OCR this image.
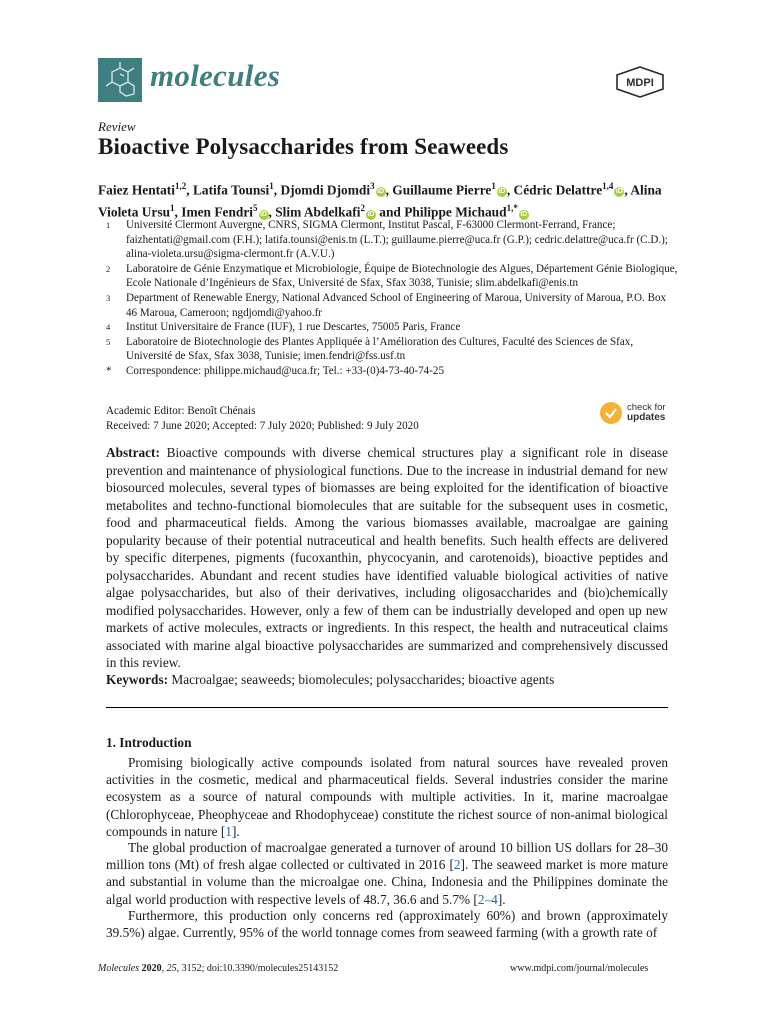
molecules	MDPI
Review
Bioactive Polysaccharides from Seaweeds
Faiez Hentati$^{1,2}$, Latifa Tounsi$^1$, Djomdi Djomdi$^3$iD , Guillaume Pierre$^1$iD , Cédric Delattre$^{1,4}$iD , Alina Violeta Ursu$^1$, Imen Fendri$^5$iD , Slim Abdelkafi$^2$iD and Philippe Michaud$^{1,*}$iD
1	Université Clermont Auvergne, CNRS, SIGMA Clermont, Institut Pascal, F-63000 Clermont-Ferrand, France; faizhentati@gmail.com (F.H.); latifa.tounsi@enis.tn (L.T.); guillaume.pierre@uca.fr (G.P.); cedric.delattre@uca.fr (C.D.); alina-violeta.ursu@sigma-clermont.fr (A.V.U.)
2	Laboratoire de Génie Enzymatique et Microbiologie, Équipe de Biotechnologie des Algues, Département Génie Biologique, Ecole Nationale d’Ingénieurs de Sfax, Université de Sfax, Sfax 3038, Tunisie; slim.abdelkafi@enis.tn
3	Department of Renewable Energy, National Advanced School of Engineering of Maroua, University of Maroua, P.O. Box 46 Maroua, Cameroon; ngdjomdi@yahoo.fr
4	Institut Universitaire de France (IUF), 1 rue Descartes, 75005 Paris, France
5	Laboratoire de Biotechnologie des Plantes Appliquée à l’Amélioration des Cultures, Faculté des Sciences de Sfax, Université de Sfax, Sfax 3038, Tunisie; imen.fendri@fss.usf.tn
*	Correspondence: philippe.michaud@uca.fr; Tel.: +33-(0)4-73-40-74-25
Academic Editor: Benoît Chénais
Received: 7 June 2020; Accepted: 7 July 2020; Published: 9 July 2020
check for
updates
Abstract: Bioactive compounds with diverse chemical structures play a significant role in disease prevention and maintenance of physiological functions. Due to the increase in industrial demand for new biosourced molecules, several types of biomasses are being exploited for the identification of bioactive metabolites and techno-functional biomolecules that are suitable for the subsequent uses in cosmetic, food and pharmaceutical fields. Among the various biomasses available, macroalgae are gaining popularity because of their potential nutraceutical and health benefits. Such health effects are delivered by specific diterpenes, pigments (fucoxanthin, phycocyanin, and carotenoids), bioactive peptides and polysaccharides. Abundant and recent studies have identified valuable biological activities of native algae polysaccharides, but also of their derivatives, including oligosaccharides and (bio)chemically modified polysaccharides. However, only a few of them can be industrially developed and open up new markets of active molecules, extracts or ingredients. In this respect, the health and nutraceutical claims associated with marine algal bioactive polysaccharides are summarized and comprehensively discussed in this review.
Keywords: Macroalgae; seaweeds; biomolecules; polysaccharides; bioactive agents
1. Introduction
Promising biologically active compounds isolated from natural sources have revealed proven activities in the cosmetic, medical and pharmaceutical fields. Several industries consider the marine ecosystem as a source of natural compounds with multiple activities. In it, marine macroalgae (Chlorophyceae, Pheophyceae and Rhodophyceae) constitute the richest source of non-animal biological compounds in nature [1].
The global production of macroalgae generated a turnover of around 10 billion US dollars for 28–30 million tons (Mt) of fresh algae collected or cultivated in 2016 [2]. The seaweed market is more mature and substantial in volume than the microalgae one. China, Indonesia and the Philippines dominate the algal world production with respective levels of 48.7, 36.6 and 5.7% [2–4].
Furthermore, this production only concerns red (approximately 60%) and brown (approximately 39.5%) algae. Currently, 95% of the world tonnage comes from seaweed farming (with a growth rate of
Molecules 2020, 25, 3152; doi:10.3390/molecules25143152	www.mdpi.com/journal/molecules
